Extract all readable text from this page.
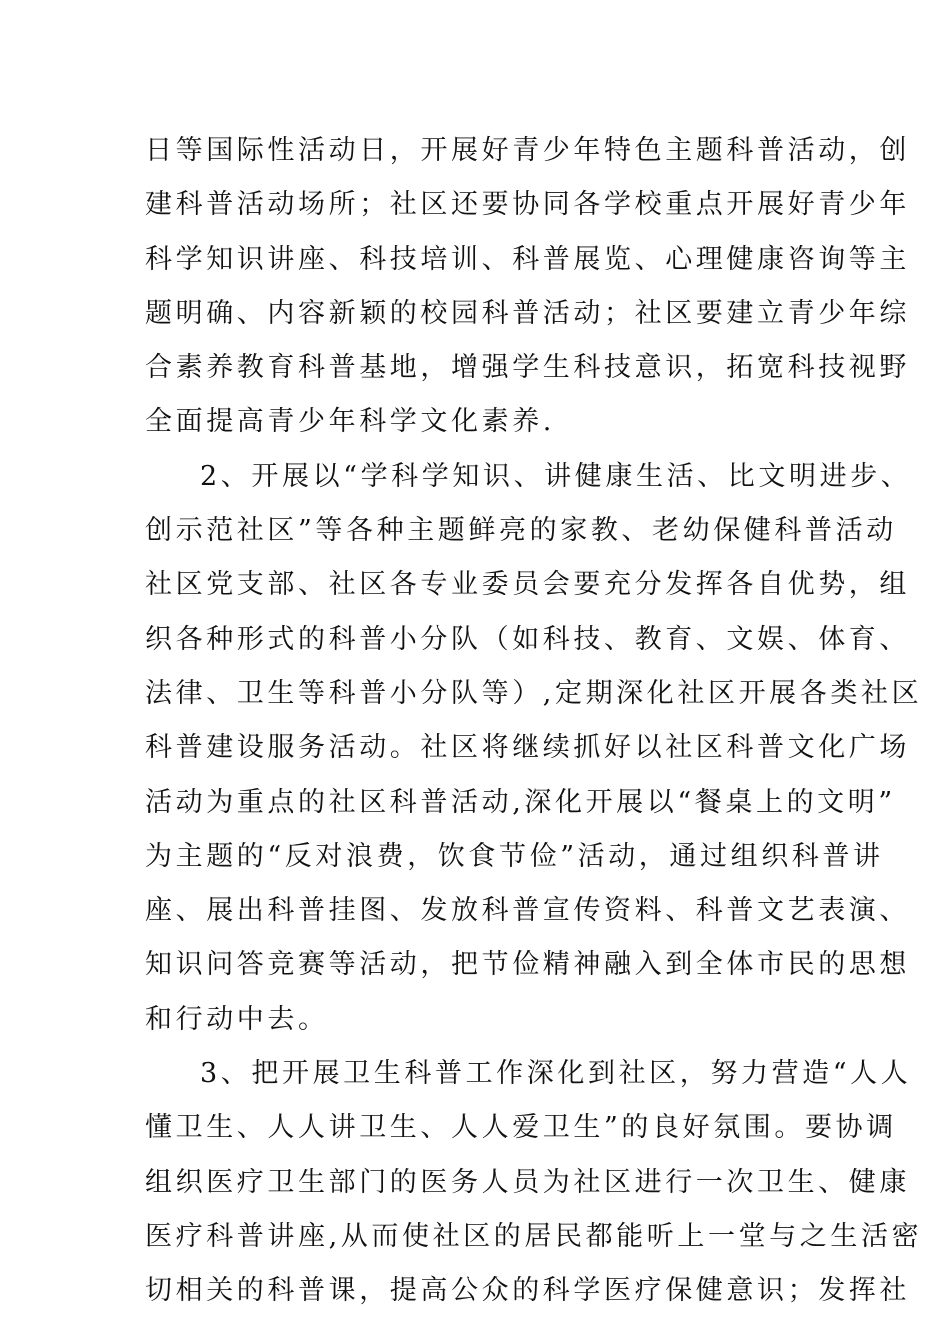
日等国际性活动日，开展好青少年特色主题科普活动，创
建科普活动场所；社区还要协同各学校重点开展好青少年
科学知识讲座、科技培训、科普展览、心理健康咨询等主
题明确、内容新颖的校园科普活动；社区要建立青少年综
合素养教育科普基地，增强学生科技意识，拓宽科技视野
全面提高青少年科学文化素养.
2、开展以“学科学知识、讲健康生活、比文明进步、
创示范社区”等各种主题鲜亮的家教、老幼保健科普活动
社区党支部、社区各专业委员会要充分发挥各自优势，组
织各种形式的科普小分队（如科技、教育、文娱、体育、
法律、卫生等科普小分队等）,定期深化社区开展各类社区
科普建设服务活动。社区将继续抓好以社区科普文化广场
活动为重点的社区科普活动,深化开展以“餐桌上的文明”
为主题的“反对浪费，饮食节俭”活动，通过组织科普讲
座、展出科普挂图、发放科普宣传资料、科普文艺表演、
知识问答竞赛等活动，把节俭精神融入到全体市民的思想
和行动中去。
3、把开展卫生科普工作深化到社区，努力营造“人人
懂卫生、人人讲卫生、人人爱卫生”的良好氛围。要协调
组织医疗卫生部门的医务人员为社区进行一次卫生、健康
医疗科普讲座,从而使社区的居民都能听上一堂与之生活密
切相关的科普课，提高公众的科学医疗保健意识；发挥社
